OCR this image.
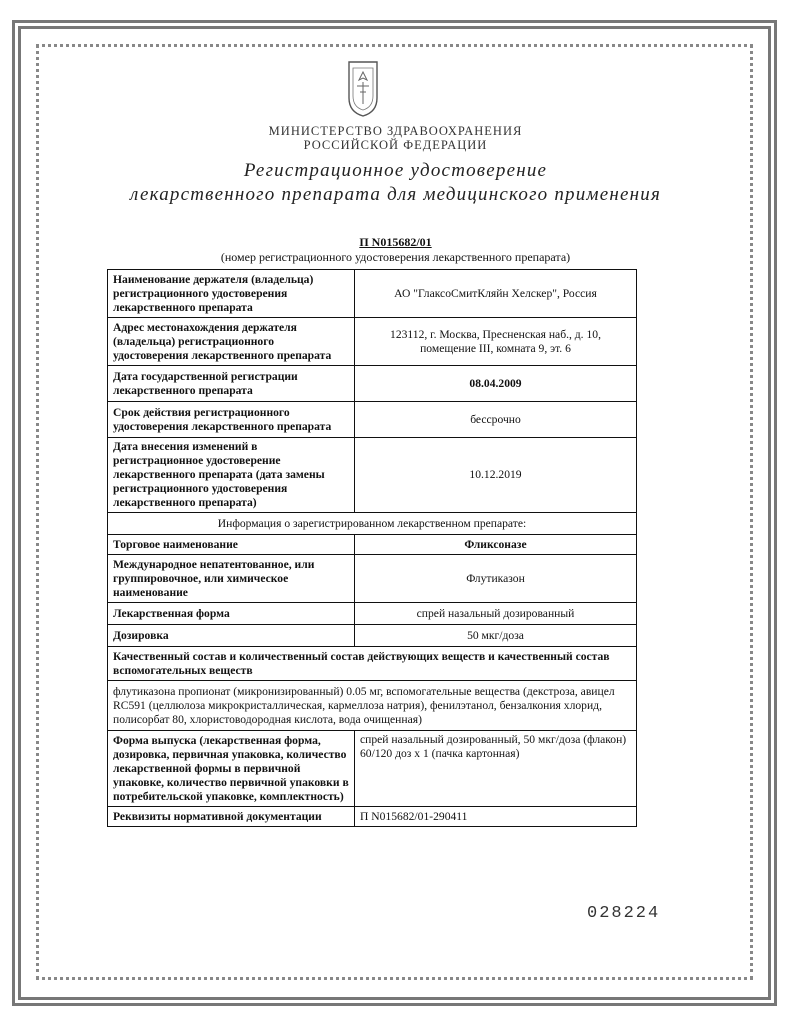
МИНИСТЕРСТВО ЗДРАВООХРАНЕНИЯ
РОССИЙСКОЙ ФЕДЕРАЦИИ
Регистрационное удостоверение
лекарственного препарата для медицинского применения
П N015682/01
(номер регистрационного удостоверения лекарственного препарата)
Наименование держателя (владельца) регистрационного удостоверения лекарственного препарата	АО "ГлаксоСмитКляйн Хелскер", Россия
Адрес местонахождения держателя (владельца) регистрационного удостоверения лекарственного препарата	123112, г. Москва, Пресненская наб., д. 10,
помещение III, комната 9, эт. 6

Дата государственной регистрации лекарственного препарата	08.04.2009
Срок действия регистрационного удостоверения лекарственного препарата	бессрочно
Дата внесения изменений в регистрационное удостоверение лекарственного препарата (дата замены регистрационного удостоверения лекарственного препарата)	10.12.2019
Информация о зарегистрированном лекарственном препарате:	
Торговое наименование	Фликсоназе
Международное непатентованное, или группировочное, или химическое наименование	Флутиказон
Лекарственная форма	спрей назальный дозированный
Дозировка	50 мкг/доза
Качественный состав и количественный состав действующих веществ и качественный состав вспомогательных веществ	
флутиказона пропионат (микронизированный) 0.05 мг, вспомогательные вещества (декстроза, авицел RC591 (целлюлоза микрокристаллическая, кармеллоза натрия), фенилэтанол, бензалкония хлорид, полисорбат 80, хлористоводородная кислота, вода очищенная)	
Форма выпуска (лекарственная форма, дозировка, первичная упаковка, количество лекарственной формы в первичной упаковке, количество первичной упаковки в потребительской упаковке, комплектность)	спрей назальный дозированный, 50 мкг/доза (флакон) 60/120 доз х 1 (пачка картонная)
Реквизиты нормативной документации	П N015682/01-290411
028224
